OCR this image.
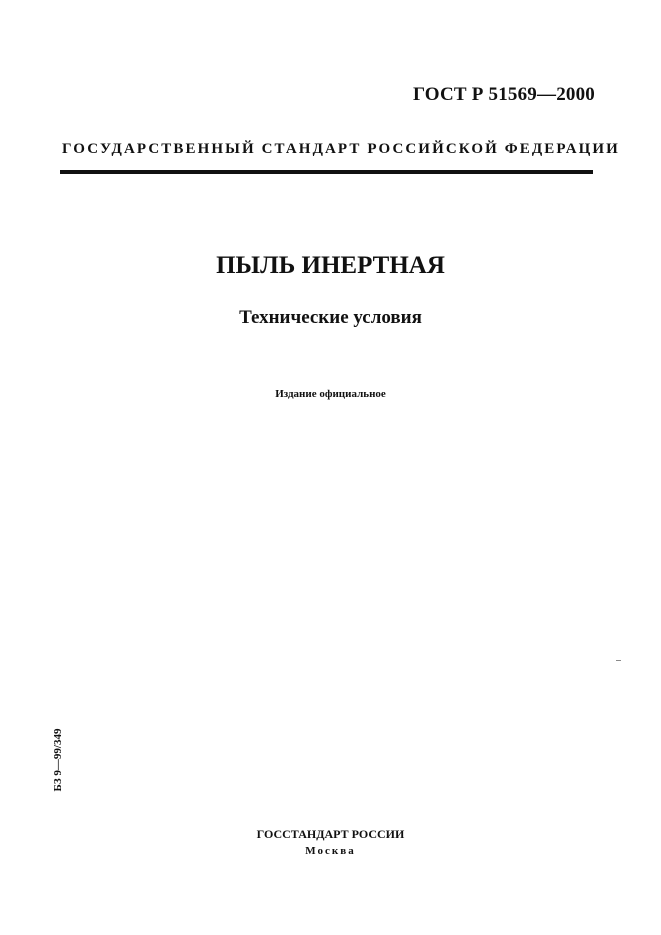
ГОСТ Р 51569—2000
ГОСУДАРСТВЕННЫЙ СТАНДАРТ РОССИЙСКОЙ ФЕДЕРАЦИИ
ПЫЛЬ ИНЕРТНАЯ
Технические условия
Издание официальное
БЗ 9—99/349
ГОССТАНДАРТ РОССИИ
Москва
